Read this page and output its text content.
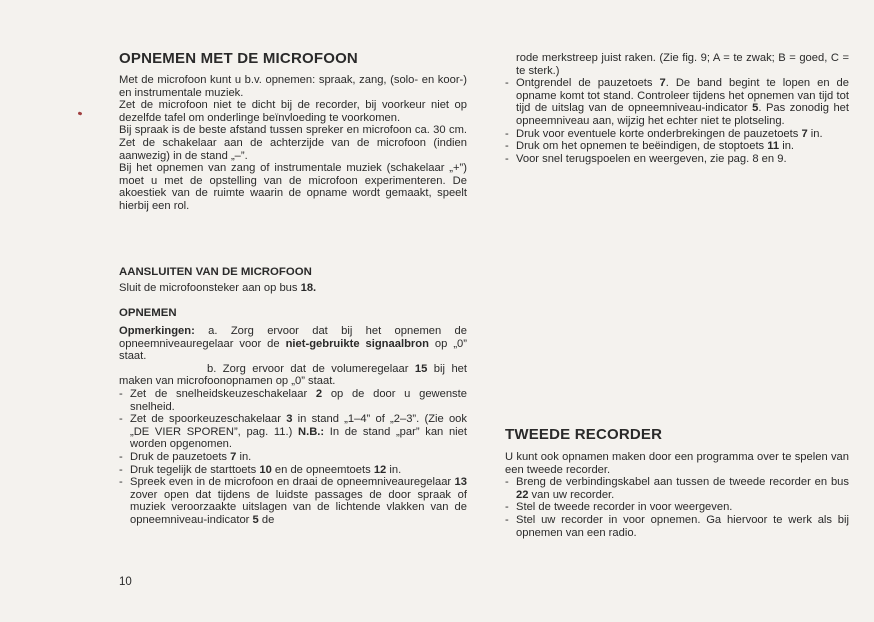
OPNEMEN MET DE MICROFOON

Met de microfoon kunt u b.v. opnemen: spraak, zang, (solo- en koor-) en instrumentale muziek.

Zet de microfoon niet te dicht bij de recorder, bij voorkeur niet op dezelfde tafel om onderlinge beïnvloeding te voorkomen.

Bij spraak is de beste afstand tussen spreker en microfoon ca. 30 cm. Zet de schakelaar aan de achterzijde van de microfoon (indien aanwezig) in de stand „–”.

Bij het opnemen van zang of instrumentale muziek (schakelaar „+”) moet u met de opstelling van de microfoon experimenteren. De akoestiek van de ruimte waarin de opname wordt gemaakt, speelt hierbij een rol.

AANSLUITEN VAN DE MICROFOON

Sluit de microfoonsteker aan op bus 18.

OPNEMEN

Opmerkingen: a. Zorg ervoor dat bij het opnemen de opneemniveauregelaar voor de niet-gebruikte signaalbron op „0” staat.

b. Zorg ervoor dat de volumeregelaar 15 bij het maken van microfoonopnamen op „0” staat.

- Zet de snelheidskeuzeschakelaar 2 op de door u gewenste snelheid.
- Zet de spoorkeuzeschakelaar 3 in stand „1–4” of „2–3”. (Zie ook „DE VIER SPOREN”, pag. 11.) N.B.: In de stand „par” kan niet worden opgenomen.
- Druk de pauzetoets 7 in.
- Druk tegelijk de starttoets 10 en de opneemtoets 12 in.
- Spreek even in de microfoon en draai de opneemniveauregelaar 13 zover open dat tijdens de luidste passages de door spraak of muziek veroorzaakte uitslagen van de lichtende vlakken van de opneemniveau-indicator 5 de
10

rode merkstreep juist raken. (Zie fig. 9; A = te zwak; B = goed, C = te sterk.)

- Ontgrendel de pauzetoets 7. De band begint te lopen en de opname komt tot stand. Controleer tijdens het opnemen van tijd tot tijd de uitslag van de opneemniveau-indicator 5. Pas zonodig het opneemniveau aan, wijzig het echter niet te plotseling.
- Druk voor eventuele korte onderbrekingen de pauzetoets 7 in.
- Druk om het opnemen te beëindigen, de stoptoets 11 in.
- Voor snel terugspoelen en weergeven, zie pag. 8 en 9.
TWEEDE RECORDER

U kunt ook opnamen maken door een programma over te spelen van een tweede recorder.

- Breng de verbindingskabel aan tussen de tweede recorder en bus 22 van uw recorder.
- Stel de tweede recorder in voor weergeven.
- Stel uw recorder in voor opnemen. Ga hiervoor te werk als bij opnemen van een radio.
